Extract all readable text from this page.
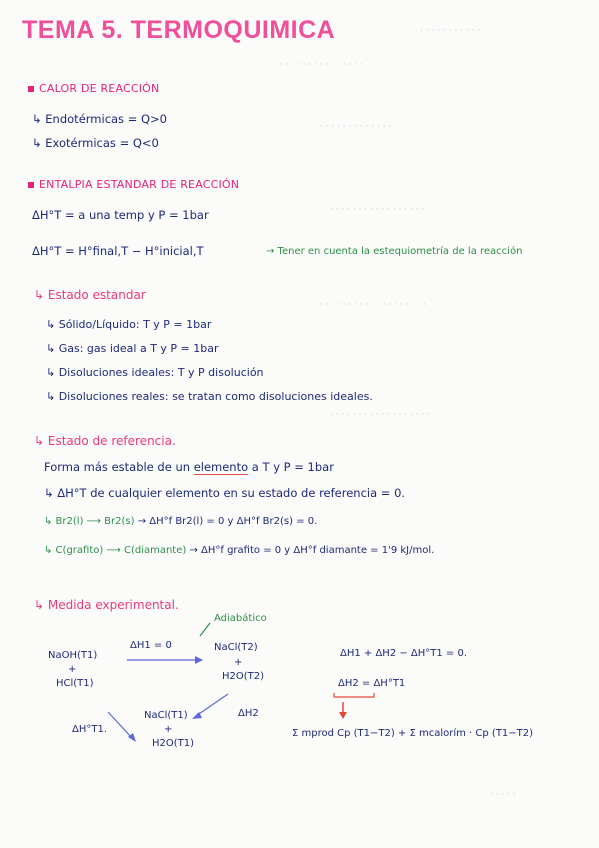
· · · · · · · · · · ·
· · · · · · · · · · · · · · ·
· · · · · · · · · · · · ·
· · · · · · · · · · · · · · · · ·
· · · · · · · · · · · · · · · · · · ·
· · · · · · · · · · · · · · · · · ·
· · · · ·
TEMA 5. TERMOQUIMICA
CALOR DE REACCIÓN
↳ Endotérmicas = Q>0
↳ Exotérmicas = Q<0
ENTALPIA ESTANDAR DE REACCIÓN
ΔH°T = a una temp y P = 1bar
ΔH°T = H°final,T − H°inicial,T	→ Tener en cuenta la estequiometría de la reacción
↳ Estado estandar
↳ Sólido/Líquido: T y P = 1bar
↳ Gas: gas ideal a T y P = 1bar
↳ Disoluciones ideales: T y P disolución
↳ Disoluciones reales: se tratan como disoluciones ideales.
↳ Estado de referencia.
Forma más estable de un elemento a T y P = 1bar
↳ ΔH°T de cualquier elemento en su estado de referencia = 0.
↳ Br2(l) ⟶ Br2(s) → ΔH°f Br2(l) = 0 y ΔH°f Br2(s) = 0.
↳ C(grafito) ⟶ C(diamante) → ΔH°f grafito = 0 y ΔH°f diamante = 1'9 kJ/mol.
↳ Medida experimental.
Adiabático
NaOH(T1)
+
HCl(T1)
ΔH1 = 0	NaCl(T2)
+
H2O(T2)
ΔH°T1.
ΔH2
NaCl(T1)
+
H2O(T1)
ΔH1 + ΔH2 − ΔH°T1 = 0.
ΔH2 = ΔH°T1
Σ mprod Cp (T1−T2) + Σ mcalorím · Cp (T1−T2)
